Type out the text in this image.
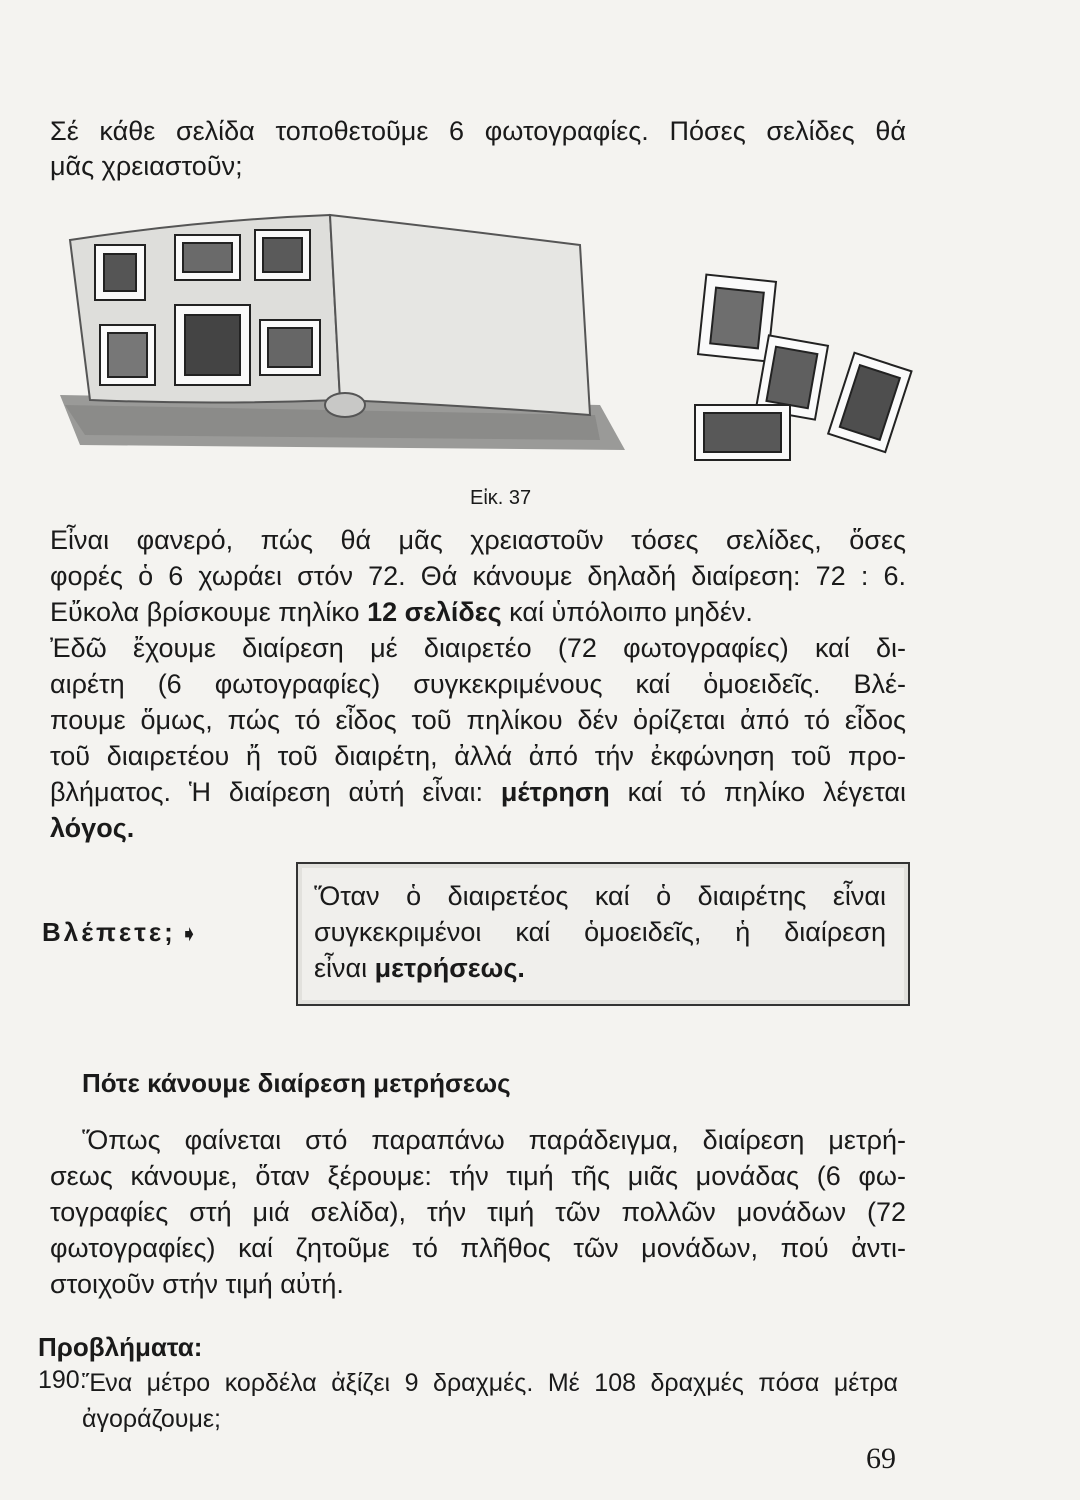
Σέ κάθε σελίδα τοποθετοῦμε 6 φωτογραφίες. Πόσες σελίδες θά
μᾶς χρειαστοῦν;
Εἰκ. 37
Εἶναι φανερό, πώς θά μᾶς χρειαστοῦν τόσες σελίδες, ὅσες
φορές ὁ 6 χωράει στόν 72. Θά κάνουμε δηλαδή διαίρεση: 72 : 6.
Εὔκολα βρίσκουμε πηλίκο 12 σελίδες καί ὑπόλοιπο μηδέν.
Ἐδῶ ἔχουμε διαίρεση μέ διαιρετέο (72 φωτογραφίες) καί δι-
αιρέτη (6 φωτογραφίες) συγκεκριμένους καί ὁμοειδεῖς. Βλέ-
πουμε ὅμως, πώς τό εἶδος τοῦ πηλίκου δέν ὁρίζεται ἀπό τό εἶδος
τοῦ διαιρετέου ἤ τοῦ διαιρέτη, ἀλλά ἀπό τήν ἐκφώνηση τοῦ προ-
βλήματος. Ἡ διαίρεση αὐτή εἶναι: μέτρηση καί τό πηλίκο λέγεται
λόγος.
Βλέπετε; ➧
Ὅταν ὁ διαιρετέος καί ὁ διαιρέτης εἶναι
συγκεκριμένοι καί ὁμοειδεῖς, ἡ διαίρεση
εἶναι μετρήσεως.
Πότε κάνουμε διαίρεση μετρήσεως
Ὅπως φαίνεται στό παραπάνω παράδειγμα, διαίρεση μετρή-
σεως κάνουμε, ὅταν ξέρουμε: τήν τιμή τῆς μιᾶς μονάδας (6 φω-
τογραφίες στή μιά σελίδα), τήν τιμή τῶν πολλῶν μονάδων (72
φωτογραφίες) καί ζητοῦμε τό πλῆθος τῶν μονάδων, πού ἀντι-
στοιχοῦν στήν τιμή αὐτή.
Προβλήματα:
190.
Ἕνα μέτρο κορδέλα ἀξίζει 9 δραχμές. Μέ 108 δραχμές πόσα μέτρα
ἀγοράζουμε;
69
